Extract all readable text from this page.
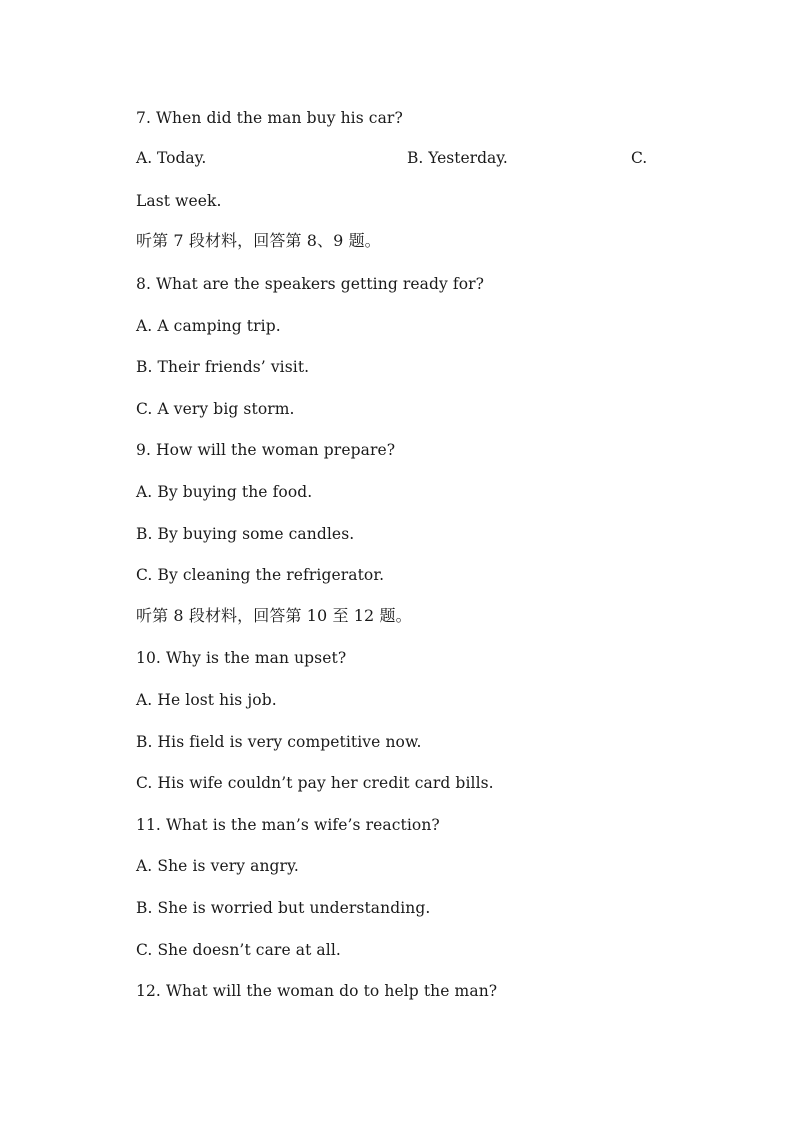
7. When did the man buy his car?
A. Today.	B. Yesterday.	C.
Last week.
听第 7 段材料，回答第 8、9 题。
8. What are the speakers getting ready for?
A. A camping trip.
B. Their friends’ visit.
C. A very big storm.
9. How will the woman prepare?
A. By buying the food.
B. By buying some candles.
C. By cleaning the refrigerator.
听第 8 段材料，回答第 10 至 12 题。
10. Why is the man upset?
A. He lost his job.
B. His field is very competitive now.
C. His wife couldn’t pay her credit card bills.
11. What is the man’s wife’s reaction?
A. She is very angry.
B. She is worried but understanding.
C. She doesn’t care at all.
12. What will the woman do to help the man?
